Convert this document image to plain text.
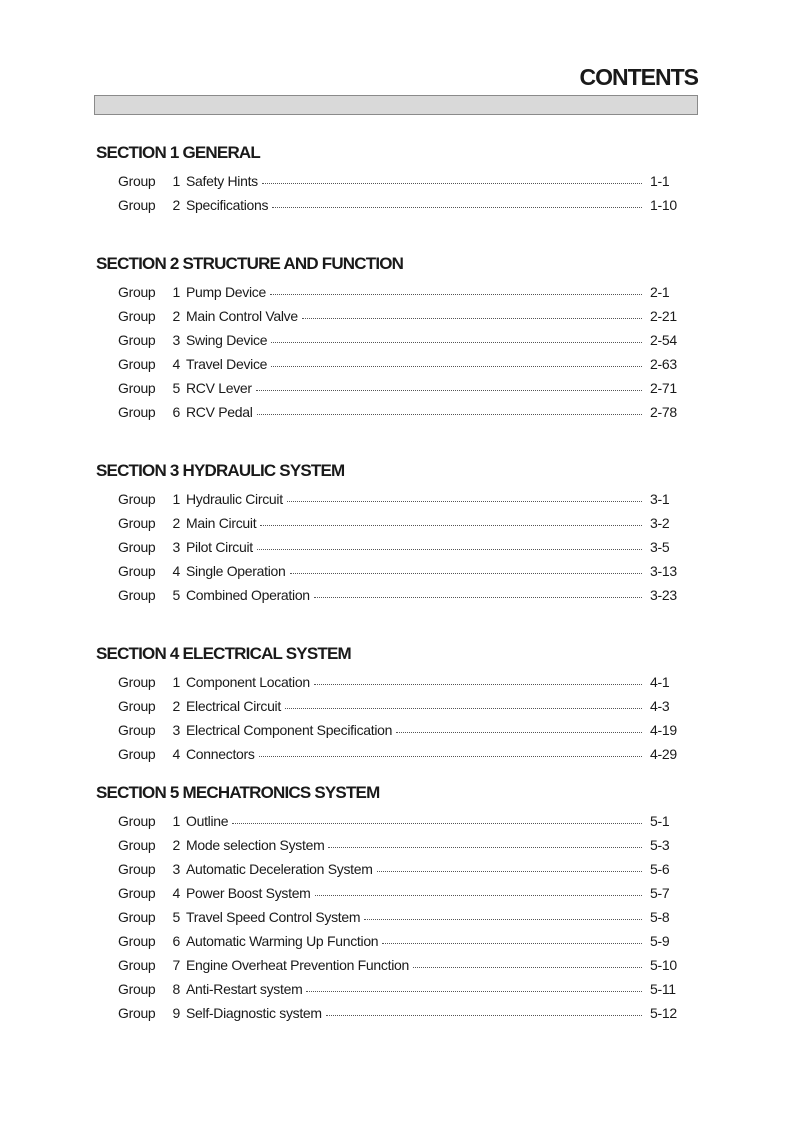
CONTENTS
SECTION 1 GENERAL
Group	1 Safety Hints	1-1
Group	2 Specifications	1-10
SECTION 2 STRUCTURE AND FUNCTION
Group	1 Pump Device	2-1
Group	2 Main Control Valve	2-21
Group	3 Swing Device	2-54
Group	4 Travel Device	2-63
Group	5 RCV Lever	2-71
Group	6 RCV Pedal	2-78
SECTION 3 HYDRAULIC SYSTEM
Group	1 Hydraulic Circuit	3-1
Group	2 Main Circuit	3-2
Group	3 Pilot Circuit	3-5
Group	4 Single Operation	3-13
Group	5 Combined Operation	3-23
SECTION 4 ELECTRICAL SYSTEM
Group	1 Component Location	4-1
Group	2 Electrical Circuit	4-3
Group	3 Electrical Component Specification	4-19
Group	4 Connectors	4-29
SECTION 5 MECHATRONICS SYSTEM
Group	1 Outline	5-1
Group	2 Mode selection System	5-3
Group	3 Automatic Deceleration System	5-6
Group	4 Power Boost System	5-7
Group	5 Travel Speed Control System	5-8
Group	6 Automatic Warming Up Function	5-9
Group	7 Engine Overheat Prevention Function	5-10
Group	8 Anti-Restart system	5-11
Group	9 Self-Diagnostic system	5-12
